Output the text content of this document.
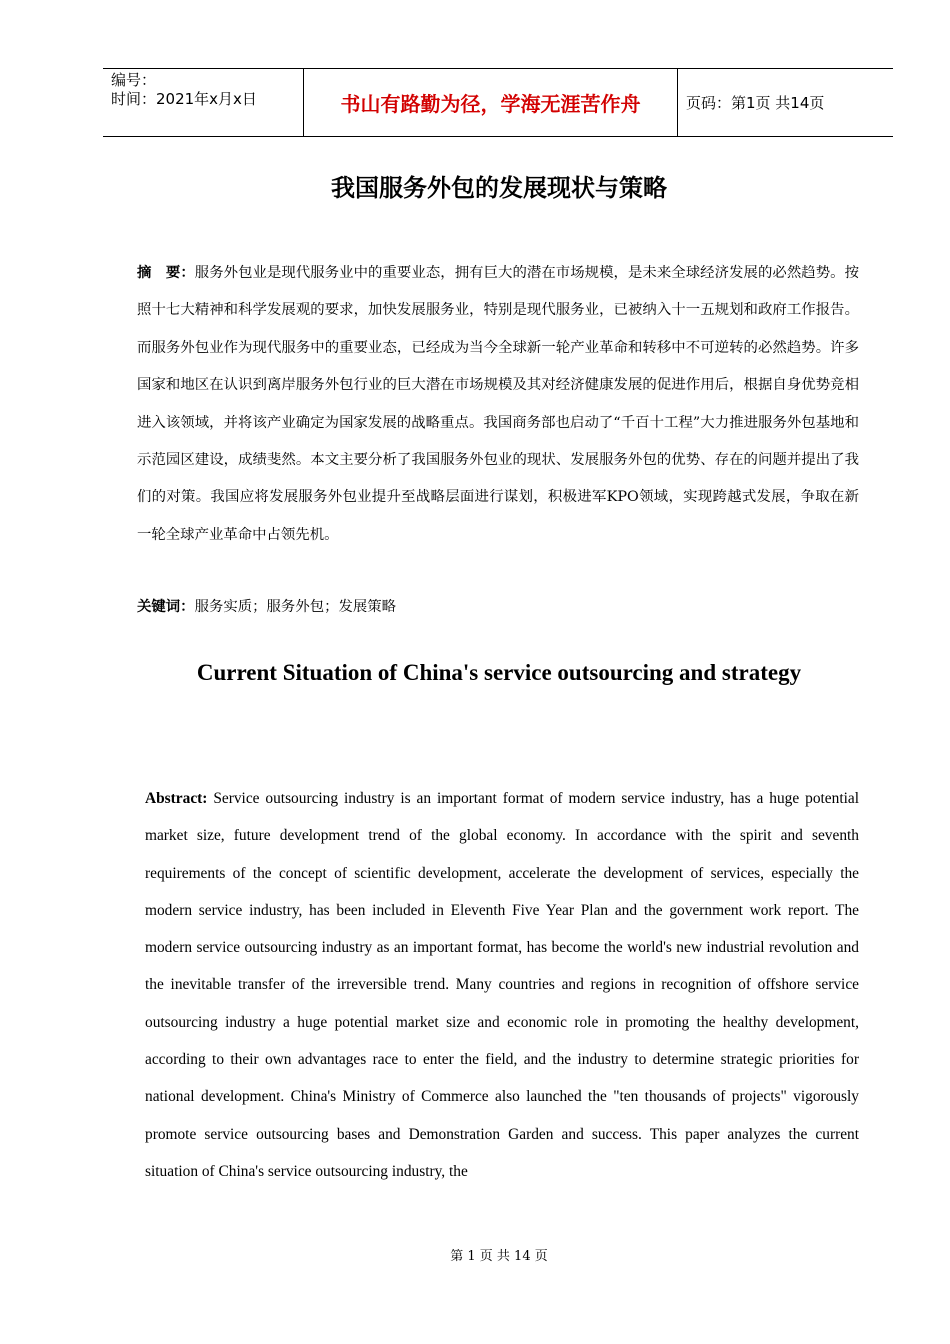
编号：
时间：2021年x月x日	书山有路勤为径，学海无涯苦作舟	页码：第1页 共14页
我国服务外包的发展现状与策略
摘　要：服务外包业是现代服务业中的重要业态，拥有巨大的潜在市场规模，是未来全球经济发展的必然趋势。按照十七大精神和科学发展观的要求，加快发展服务业，特别是现代服务业，已被纳入十一五规划和政府工作报告。而服务外包业作为现代服务中的重要业态，已经成为当今全球新一轮产业革命和转移中不可逆转的必然趋势。许多国家和地区在认识到离岸服务外包行业的巨大潜在市场规模及其对经济健康发展的促进作用后，根据自身优势竞相进入该领域，并将该产业确定为国家发展的战略重点。我国商务部也启动了“千百十工程”大力推进服务外包基地和示范园区建设，成绩斐然。本文主要分析了我国服务外包业的现状、发展服务外包的优势、存在的问题并提出了我们的对策。我国应将发展服务外包业提升至战略层面进行谋划，积极进军KPO领域，实现跨越式发展，争取在新一轮全球产业革命中占领先机。
关键词：服务实质；服务外包；发展策略
Current Situation of China's service outsourcing and strategy
Abstract: Service outsourcing industry is an important format of modern service industry, has a huge potential market size, future development trend of the global economy. In accordance with the spirit and seventh requirements of the concept of scientific development, accelerate the development of services, especially the modern service industry, has been included in Eleventh Five Year Plan and the government work report. The modern service outsourcing industry as an important format, has become the world's new industrial revolution and the inevitable transfer of the irreversible trend. Many countries and regions in recognition of offshore service outsourcing industry a huge potential market size and economic role in promoting the healthy development, according to their own advantages race to enter the field, and the industry to determine strategic priorities for national development. China's Ministry of Commerce also launched the "ten thousands of projects" vigorously promote service outsourcing bases and Demonstration Garden and success. This paper analyzes the current situation of China's service outsourcing industry, the
第 1 页 共 14 页
